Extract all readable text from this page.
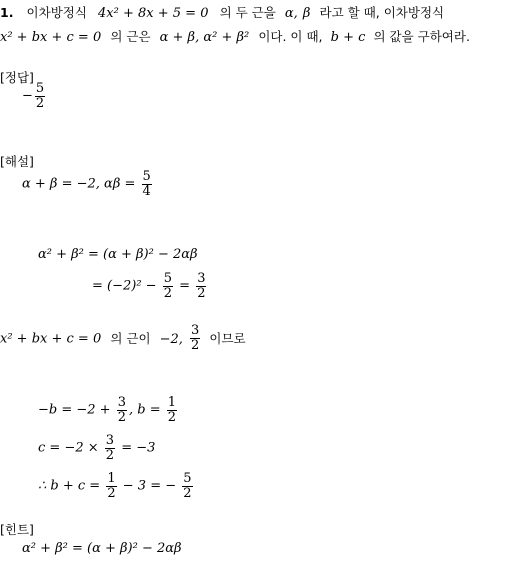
1. 이차방정식 4x² + 8x + 5 = 0 의 두 근을 α, β 라고 할 때, 이차방정식
x² + bx + c = 0 의 근은 α + β, α² + β² 이다. 이 때, b + c 의 값을 구하여라.
[정답]
− $\frac{5}{2}$
[해설]
α + β = −2, $\alpha\beta = \frac{5}{4}$
α² + β² = (α + β)² − 2αβ
= $(-2)^2 - \frac{5}{2} = \frac{3}{2}$
x² + bx + c = 0 의 근이 −2, $\frac{3}{2}$ 이므로
$-b = -2 + \frac{3}{2}$ , $b = \frac{1}{2}$
$c = -2 \times \frac{3}{2} = -3$
∴ $b + c = \frac{1}{2} - 3$ = − $\frac{5}{2}$
[힌트]
α² + β² = (α + β)² − 2αβ
